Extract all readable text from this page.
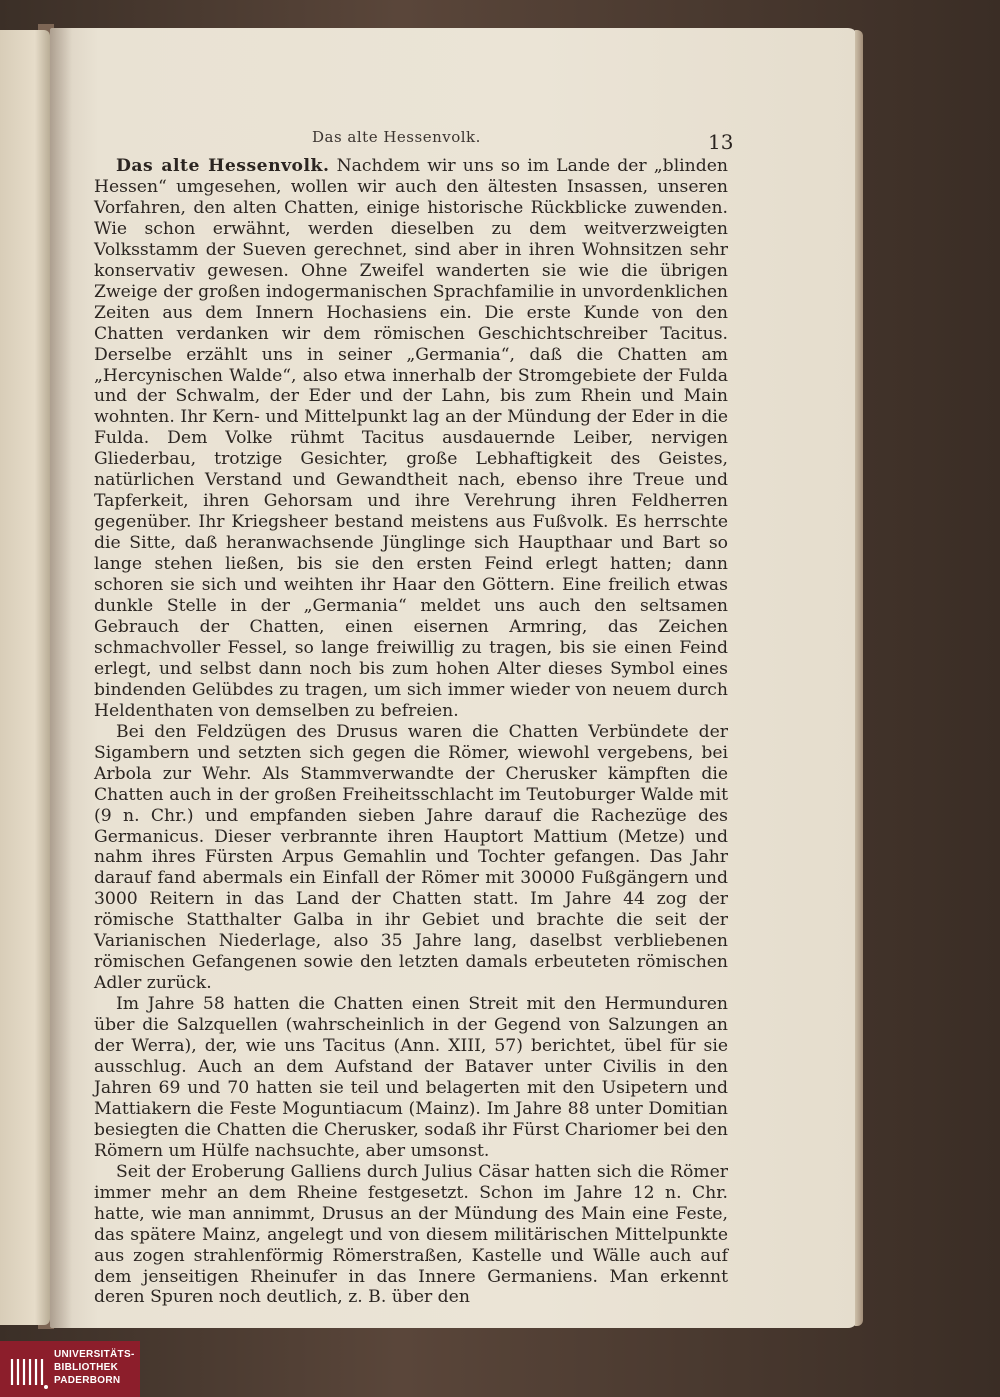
Das alte Hessenvolk.	13

Das alte Hessenvolk. Nachdem wir uns so im Lande der „blinden Hessen“ umgesehen, wollen wir auch den ältesten Insassen, unseren Vorfahren, den alten Chatten, einige historische Rückblicke zuwenden. Wie schon erwähnt, werden dieselben zu dem weitverzweigten Volksstamm der Sueven gerechnet, sind aber in ihren Wohnsitzen sehr konservativ gewesen. Ohne Zweifel wanderten sie wie die übrigen Zweige der großen indogermanischen Sprachfamilie in unvordenklichen Zeiten aus dem Innern Hochasiens ein. Die erste Kunde von den Chatten verdanken wir dem römischen Geschichtschreiber Tacitus. Derselbe erzählt uns in seiner „Germania“, daß die Chatten am „Hercynischen Walde“, also etwa innerhalb der Stromgebiete der Fulda und der Schwalm, der Eder und der Lahn, bis zum Rhein und Main wohnten. Ihr Kern- und Mittelpunkt lag an der Mündung der Eder in die Fulda. Dem Volke rühmt Tacitus ausdauernde Leiber, nervigen Gliederbau, trotzige Gesichter, große Lebhaftigkeit des Geistes, natürlichen Verstand und Gewandtheit nach, ebenso ihre Treue und Tapferkeit, ihren Gehorsam und ihre Verehrung ihren Feldherren gegenüber. Ihr Kriegsheer bestand meistens aus Fußvolk. Es herrschte die Sitte, daß heranwachsende Jünglinge sich Haupthaar und Bart so lange stehen ließen, bis sie den ersten Feind erlegt hatten; dann schoren sie sich und weihten ihr Haar den Göttern. Eine freilich etwas dunkle Stelle in der „Germania“ meldet uns auch den seltsamen Gebrauch der Chatten, einen eisernen Armring, das Zeichen schmachvoller Fessel, so lange freiwillig zu tragen, bis sie einen Feind erlegt, und selbst dann noch bis zum hohen Alter dieses Symbol eines bindenden Gelübdes zu tragen, um sich immer wieder von neuem durch Heldenthaten von demselben zu befreien.

Bei den Feldzügen des Drusus waren die Chatten Verbündete der Sigambern und setzten sich gegen die Römer, wiewohl vergebens, bei Arbola zur Wehr. Als Stammverwandte der Cherusker kämpften die Chatten auch in der großen Freiheitsschlacht im Teutoburger Walde mit (9 n. Chr.) und empfanden sieben Jahre darauf die Rachezüge des Germanicus. Dieser verbrannte ihren Hauptort Mattium (Metze) und nahm ihres Fürsten Arpus Gemahlin und Tochter gefangen. Das Jahr darauf fand abermals ein Einfall der Römer mit 30000 Fußgängern und 3000 Reitern in das Land der Chatten statt. Im Jahre 44 zog der römische Statthalter Galba in ihr Gebiet und brachte die seit der Varianischen Niederlage, also 35 Jahre lang, daselbst verbliebenen römischen Gefangenen sowie den letzten damals erbeuteten römischen Adler zurück.

Im Jahre 58 hatten die Chatten einen Streit mit den Hermunduren über die Salzquellen (wahrscheinlich in der Gegend von Salzungen an der Werra), der, wie uns Tacitus (Ann. XIII, 57) berichtet, übel für sie ausschlug. Auch an dem Aufstand der Bataver unter Civilis in den Jahren 69 und 70 hatten sie teil und belagerten mit den Usipetern und Mattiakern die Feste Moguntiacum (Mainz). Im Jahre 88 unter Domitian besiegten die Chatten die Cherusker, sodaß ihr Fürst Chariomer bei den Römern um Hülfe nachsuchte, aber umsonst.

Seit der Eroberung Galliens durch Julius Cäsar hatten sich die Römer immer mehr an dem Rheine festgesetzt. Schon im Jahre 12 n. Chr. hatte, wie man annimmt, Drusus an der Mündung des Main eine Feste, das spätere Mainz, angelegt und von diesem militärischen Mittelpunkte aus zogen strahlenförmig Römerstraßen, Kastelle und Wälle auch auf dem jenseitigen Rheinufer in das Innere Germaniens. Man erkennt deren Spuren noch deutlich, z. B. über den

UNIVERSITÄTS-
BIBLIOTHEK
PADERBORN
